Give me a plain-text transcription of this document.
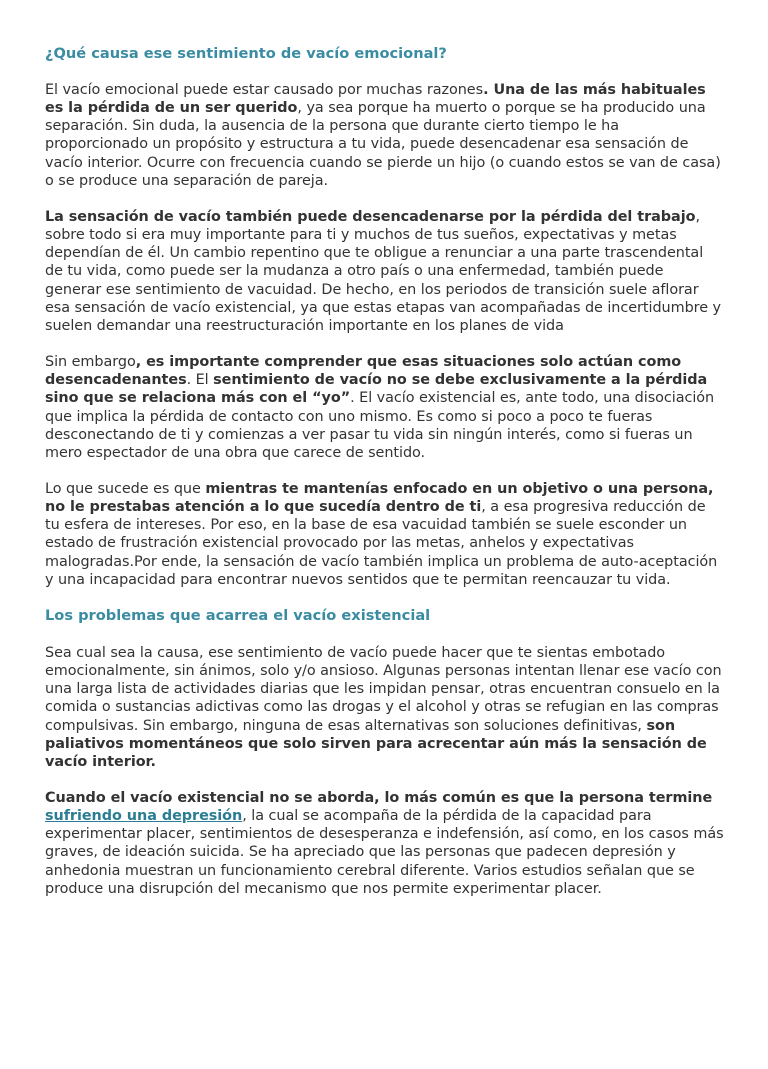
¿Qué causa ese sentimiento de vacío emocional?

El vacío emocional puede estar causado por muchas razones. Una de las más habituales es la pérdida de un ser querido, ya sea porque ha muerto o porque se ha producido una separación. Sin duda, la ausencia de la persona que durante cierto tiempo le ha proporcionado un propósito y estructura a tu vida, puede desencadenar esa sensación de vacío interior. Ocurre con frecuencia cuando se pierde un hijo (o cuando estos se van de casa) o se produce una separación de pareja.

La sensación de vacío también puede desencadenarse por la pérdida del trabajo, sobre todo si era muy importante para ti y muchos de tus sueños, expectativas y metas dependían de él. Un cambio repentino que te obligue a renunciar a una parte trascendental de tu vida, como puede ser la mudanza a otro país o una enfermedad, también puede generar ese sentimiento de vacuidad. De hecho, en los periodos de transición suele aflorar esa sensación de vacío existencial, ya que estas etapas van acompañadas de incertidumbre y suelen demandar una reestructuración importante en los planes de vida

Sin embargo, es importante comprender que esas situaciones solo actúan como desencadenantes. El sentimiento de vacío no se debe exclusivamente a la pérdida sino que se relaciona más con el “yo”. El vacío existencial es, ante todo, una disociación que implica la pérdida de contacto con uno mismo. Es como si poco a poco te fueras desconectando de ti y comienzas a ver pasar tu vida sin ningún interés, como si fueras un mero espectador de una obra que carece de sentido.

Lo que sucede es que mientras te mantenías enfocado en un objetivo o una persona, no le prestabas atención a lo que sucedía dentro de ti, a esa progresiva reducción de tu esfera de intereses. Por eso, en la base de esa vacuidad también se suele esconder un estado de frustración existencial provocado por las metas, anhelos y expectativas malogradas.Por ende, la sensación de vacío también implica un problema de auto-aceptación y una incapacidad para encontrar nuevos sentidos que te permitan reencauzar tu vida.

Los problemas que acarrea el vacío existencial

Sea cual sea la causa, ese sentimiento de vacío puede hacer que te sientas embotado emocionalmente, sin ánimos, solo y/o ansioso. Algunas personas intentan llenar ese vacío con una larga lista de actividades diarias que les impidan pensar, otras encuentran consuelo en la comida o sustancias adictivas como las drogas y el alcohol y otras se refugian en las compras compulsivas. Sin embargo, ninguna de esas alternativas son soluciones definitivas, son paliativos momentáneos que solo sirven para acrecentar aún más la sensación de vacío interior.

Cuando el vacío existencial no se aborda, lo más común es que la persona termine sufriendo una depresión, la cual se acompaña de la pérdida de la capacidad para experimentar placer, sentimientos de desesperanza e indefensión, así como, en los casos más graves, de ideación suicida. Se ha apreciado que las personas que padecen depresión y anhedonia muestran un funcionamiento cerebral diferente. Varios estudios señalan que se produce una disrupción del mecanismo que nos permite experimentar placer.
